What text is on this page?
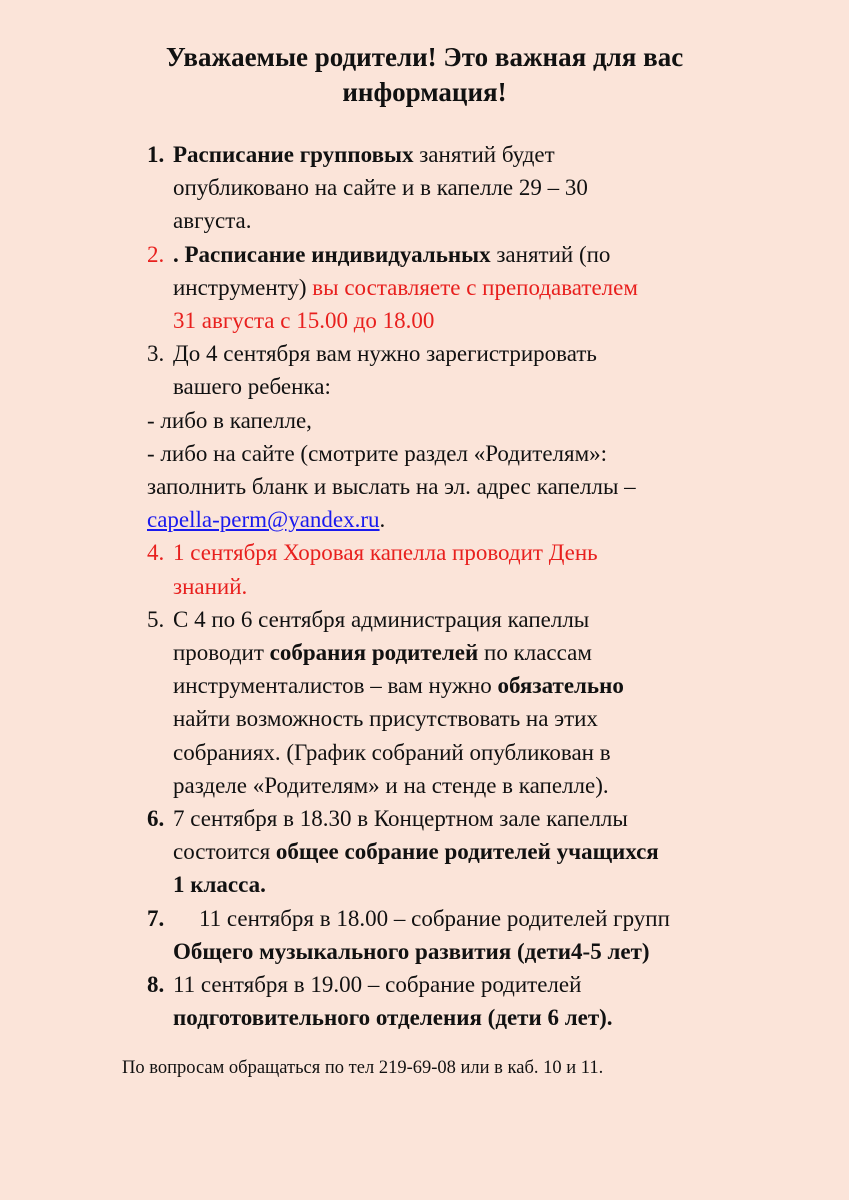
Уважаемые родители! Это важная для вас
информация!
1. Расписание групповых занятий будет
опубликовано на сайте и в капелле 29 – 30
августа.
2. . Расписание индивидуальных занятий (по
инструменту) вы составляете с преподавателем
31 августа с 15.00 до 18.00
3. До 4 сентября вам нужно зарегистрировать
вашего ребенка:
- либо в капелле,
- либо на сайте (смотрите раздел «Родителям»:
заполнить бланк и выслать на эл. адрес капеллы –
capella-perm@yandex.ru.
4. 1 сентября Хоровая капелла проводит День
знаний.
5. С 4 по 6 сентября администрация капеллы
проводит собрания родителей по классам
инструменталистов – вам нужно обязательно
найти возможность присутствовать на этих
собраниях. (График собраний опубликован в
разделе «Родителям» и на стенде в капелле).
6. 7 сентября в 18.30 в Концертном зале капеллы
состоится общее собрание родителей учащихся
1 класса.
7.	11 сентября в 18.00 – собрание родителей групп
Общего музыкального развития (дети4-5 лет)
8. 11 сентября в 19.00 – собрание родителей
подготовительного отделения (дети 6 лет).
По вопросам обращаться по тел 219-69-08 или в каб. 10 и 11.
